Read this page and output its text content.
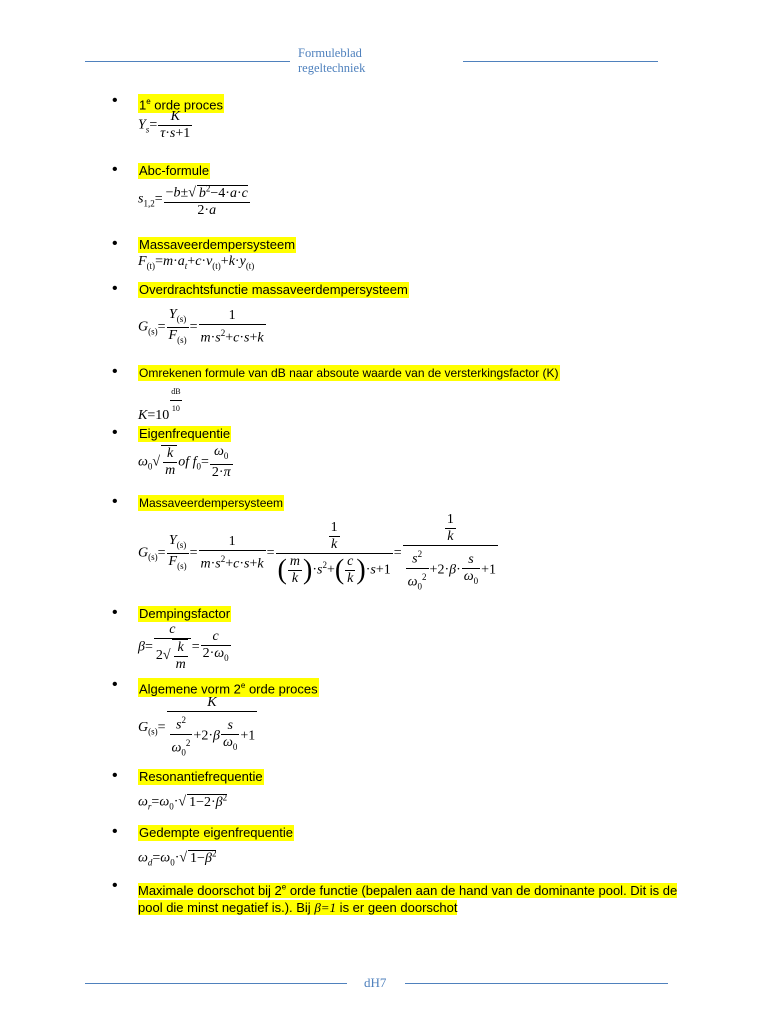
Formuleblad
regeltechniek
• 1e orde proces
$Y_s= \frac{K}{\tau\cdot s+1}$
• Abc-formule
$s_{1,2}= \frac{-b\pm√ b^2-4\cdot a\cdot c}{2\cdot a}$
• Massaveerdempersysteem
$F_{(t)}=m\cdot a_t+c\cdot v_{(t)}+k\cdot y_{(t)}$
• Overdrachtsfunctie massaveerdempersysteem
$G_{(s)}= \frac{Y_{(s)}}{F_{(s)}} = \frac{1}{m\cdot s^2+c\cdot s+k}$
• Omrekenen formule van dB naar absoute waarde van de versterkingsfactor (K)
$K=10 \frac{dB}{10}$
• Eigenfrequentie
$\omega_0√ \frac{k}{m}$ of $f_0= \frac{\omega_0}{2\cdot\pi}$
• Massaveerdempersysteem
$G_{(s)}= \frac{Y_{(s)}}{F_{(s)}} = \frac{1}{m\cdot s^2+c\cdot s+k} = \frac{\frac{1}{k}}{( \frac{m}{k} )\cdot s^2+( \frac{c}{k} )\cdot s+1} = \frac{\frac{1}{k}}{\frac{s^2}{\omega_0^2} +2\cdot\beta\cdot \frac{s}{\omega_0} +1}$
• Dempingsfactor
$\beta= \frac{c}{2√ \frac{k}{m}} = \frac{c}{2\cdot\omega_0}$
• Algemene vorm 2e orde proces
$G_{(s)}= \frac{K}{\frac{s^2}{\omega_0^2} +2\cdot\beta \frac{s}{\omega_0} +1}$
• Resonantiefrequentie
$\omega_r=\omega_0\cdot√$ $1-2\cdot\beta^2$
• Gedempte eigenfrequentie
$\omega_d=\omega_0\cdot√$ $1-\beta^2$
• Maximale doorschot bij 2e orde functie (bepalen aan de hand van de dominante pool. Dit is de pool die minst negatief is.). Bij β=1 is er geen doorschot
dH7
